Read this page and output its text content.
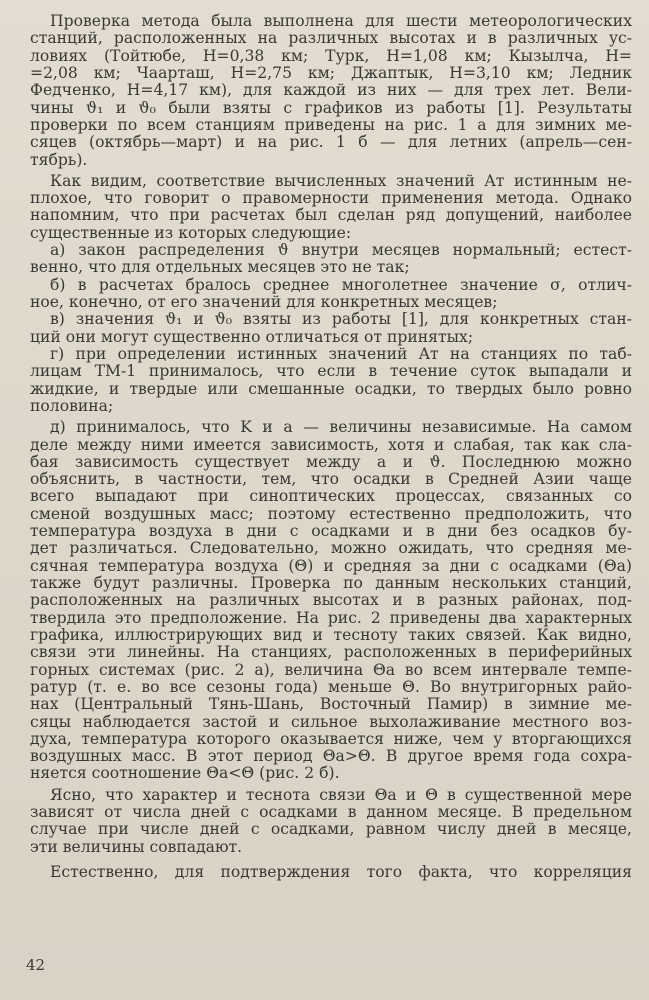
Проверка метода была выполнена для шести метеорологических
станций, расположенных на различных высотах и в различных ус-
ловиях (Тойтюбе, H=0,38 км; Турк, H=1,08 км; Кызылча, H=
=2,08 км; Чаарташ, H=2,75 км; Джаптык, H=3,10 км; Ледник
Федченко, H=4,17 км), для каждой из них — для трех лет. Вели-
чины ϑ₁ и ϑ₀ были взяты с графиков из работы [1]. Результаты
проверки по всем станциям приведены на рис. 1 а для зимних ме-
сяцев (октябрь—март) и на рис. 1 б — для летних (апрель—сен-
тябрь).
Как видим, соответствие вычисленных значений Aт истинным не-
плохое, что говорит о правомерности применения метода. Однако
напомним, что при расчетах был сделан ряд допущений, наиболее
существенные из которых следующие:
а) закон распределения ϑ внутри месяцев нормальный; естест-
венно, что для отдельных месяцев это не так;
б) в расчетах бралось среднее многолетнее значение σ, отлич-
ное, конечно, от его значений для конкретных месяцев;
в) значения ϑ₁ и ϑ₀ взяты из работы [1], для конкретных стан-
ций они могут существенно отличаться от принятых;
г) при определении истинных значений Aт на станциях по таб-
лицам ТМ-1 принималось, что если в течение суток выпадали и
жидкие, и твердые или смешанные осадки, то твердых было ровно
половина;
д) принималось, что K и a — величины независимые. На самом
деле между ними имеется зависимость, хотя и слабая, так как сла-
бая зависимость существует между a и ϑ. Последнюю можно
объяснить, в частности, тем, что осадки в Средней Азии чаще
всего выпадают при синоптических процессах, связанных со
сменой воздушных масс; поэтому естественно предположить, что
температура воздуха в дни с осадками и в дни без осадков бу-
дет различаться. Следовательно, можно ожидать, что средняя ме-
сячная температура воздуха (Θ) и средняя за дни с осадками (Θa)
также будут различны. Проверка по данным нескольких станций,
расположенных на различных высотах и в разных районах, под-
твердила это предположение. На рис. 2 приведены два характерных
графика, иллюстрирующих вид и тесноту таких связей. Как видно,
связи эти линейны. На станциях, расположенных в периферийных
горных системах (рис. 2 а), величина Θa во всем интервале темпе-
ратур (т. е. во все сезоны года) меньше Θ. Во внутригорных райо-
нах (Центральный Тянь-Шань, Восточный Памир) в зимние ме-
сяцы наблюдается застой и сильное выхолаживание местного воз-
духа, температура которого оказывается ниже, чем у вторгающихся
воздушных масс. В этот период Θa>Θ. В другое время года сохра-
няется соотношение Θa<Θ (рис. 2 б).
Ясно, что характер и теснота связи Θa и Θ в существенной мере
зависят от числа дней с осадками в данном месяце. В предельном
случае при числе дней с осадками, равном числу дней в месяце,
эти величины совпадают.
Естественно, для подтверждения того факта, что корреляция
42
